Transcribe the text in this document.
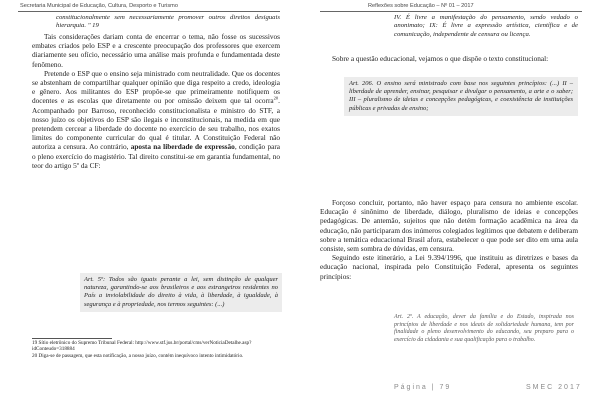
Secretaria Municipal de Educação, Cultura, Desporto e Turismo
constitucionalmente sem necessariamente promover outros direitos desiguais hierarquia. " 19

Tais considerações dariam conta de encerrar o tema, não fosse os sucessivos embates criados pelo ESP e a crescente preocupação dos professores que exercem diariamente seu ofício, necessário uma análise mais profunda e fundamentada deste fenômeno.

Pretende o ESP que o ensino seja ministrado com neutralidade. Que os docentes se abstenham de compartilhar qualquer opinião que diga respeito a credo, ideologia e gênero. Aos militantes do ESP propõe-se que primeiramente notifiquem os docentes e as escolas que diretamente ou por omissão deixem que tal ocorra$^{20}$. Acompanhado por Barroso, reconhecido constitucionalista e ministro do STF, a nosso juízo os objetivos do ESP são ilegais e inconstitucionais, na medida em que pretendem cercear a liberdade do docente no exercício de seu trabalho, nos exatos limites do componente curricular do qual é titular. A Constituição Federal não autoriza a censura. Ao contrário, aposta na liberdade de expressão, condição para o pleno exercício do magistério. Tal direito constitui-se em garantia fundamental, no teor do artigo 5º da CF:

Art. 5º: Todos são iguais perante a lei, sem distinção de qualquer natureza, garantindo-se aos brasileiros e aos estrangeiros residentes no País a inviolabilidade do direito à vida, à liberdade, à igualdade, à segurança e à propriedade, nos termos seguintes: (...)

19 Sítio eletrônico do Supremo Tribunal Federal: http://www.stf.jus.br/portal/cms/verNoticiaDetalhe.asp?idConteudo=318884

20 Diga-se de passagem, que esta notificação, a nosso juízo, contém inequívoco intento intimidatório.

Reflexões sobre Educação – Nº 01 – 2017
IV. É livre a manifestação do pensamento, sendo vedado o anonimato; IX: É livre a expressão artística, científica e de comunicação, independente de censura ou licença.

Sobre a questão educacional, vejamos o que dispõe o texto constitucional:

Art. 206. O ensino será ministrado com base nos seguintes princípios: (...) II – liberdade de aprender, ensinar, pesquisar e divulgar o pensamento, a arte e o saber; III – pluralismo de ideias e concepções pedagógicas, e coexistência de instituições públicas e privadas de ensino;

Forçoso concluir, portanto, não haver espaço para censura no ambiente escolar. Educação é sinônimo de liberdade, diálogo, pluralismo de ideias e concepções pedagógicas. De antemão, sujeitos que não detém formação acadêmica na área da educação, não participaram dos inúmeros colegiados legítimos que debatem e deliberam sobre a temática educacional Brasil afora, estabelecer o que pode ser dito em uma aula consiste, sem sombra de dúvidas, em censura.

Seguindo este itinerário, a Lei 9.394/1996, que instituiu as diretrizes e bases da educação nacional, inspirada pelo Constituição Federal, apresenta os seguintes princípios:

Art. 2º. A educação, dever da família e do Estado, inspirada nos princípios de liberdade e nos ideais de solidariedade humana, tem por finalidade o pleno desenvolvimento do educando, seu preparo para o exercício da cidadania e sua qualificação para o trabalho.
Página | 79	SMEC 2017
